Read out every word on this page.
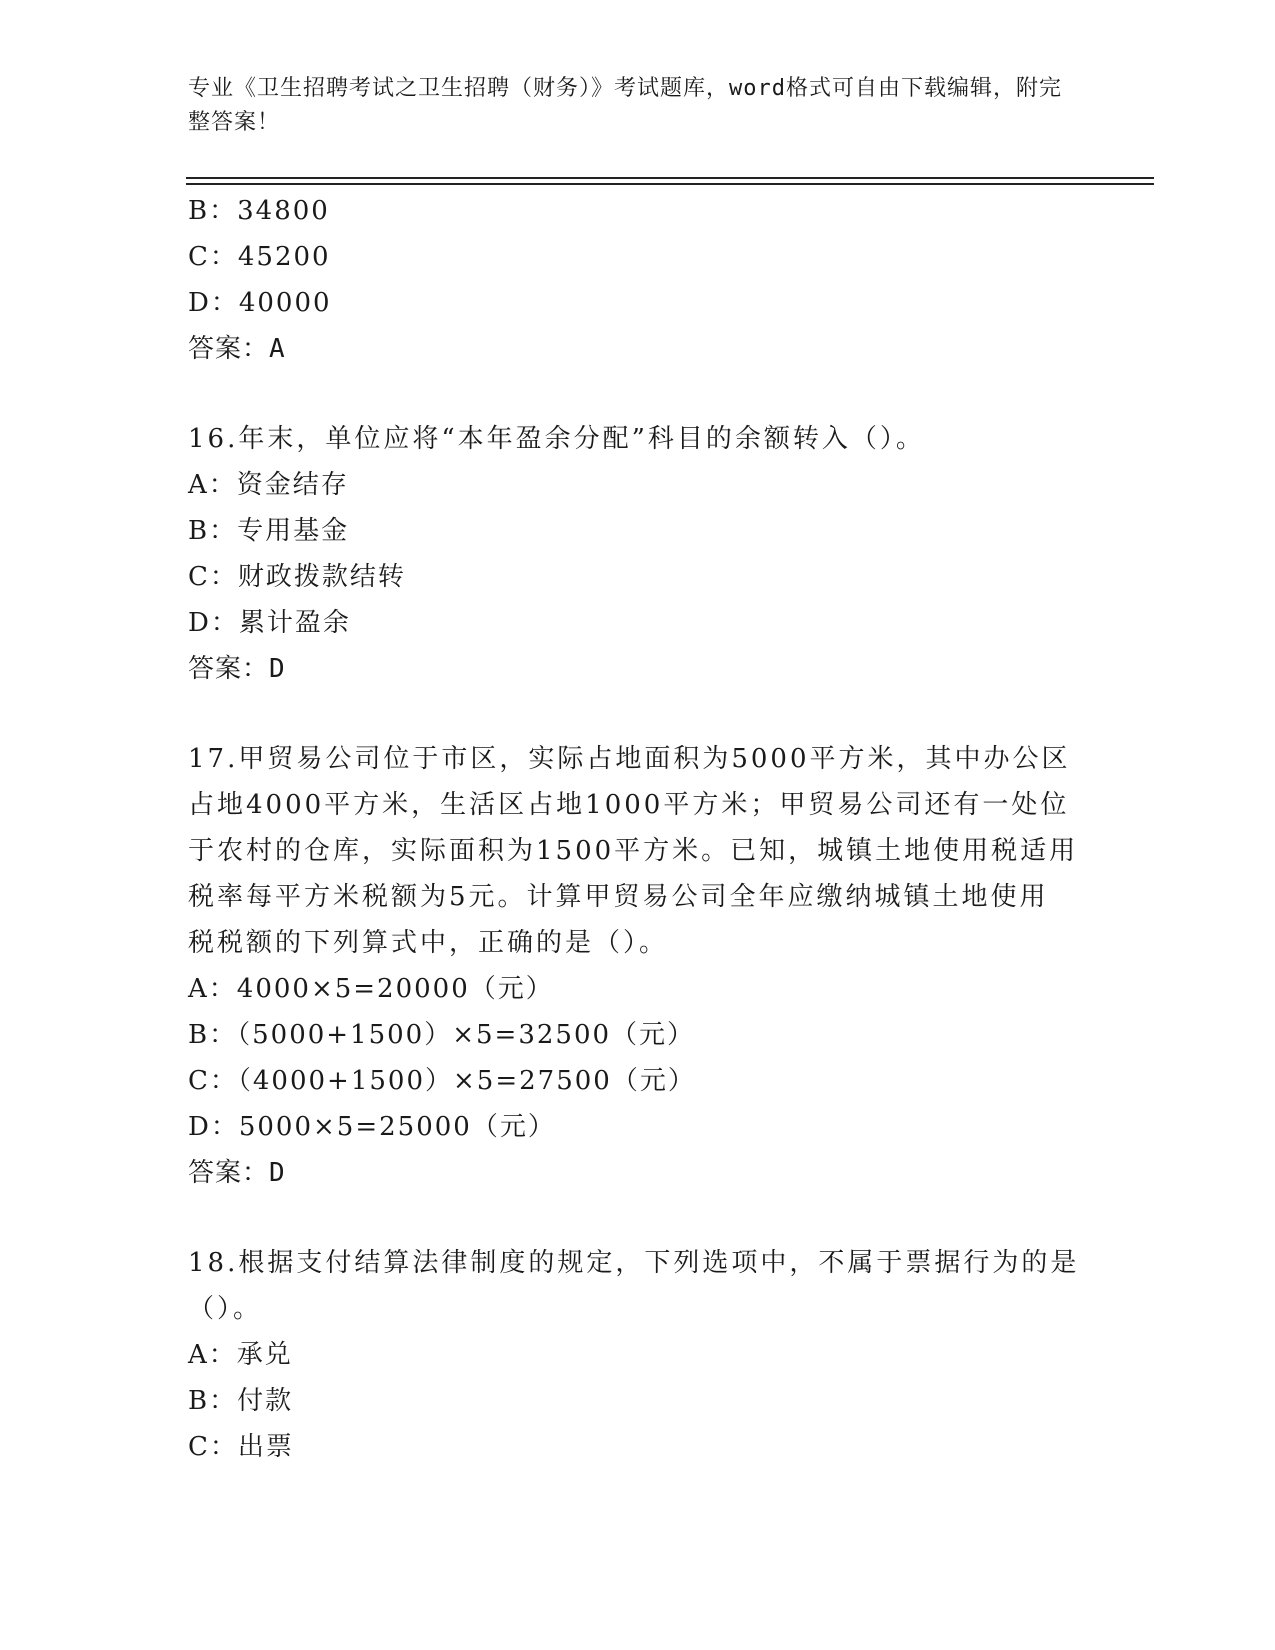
专业《卫生招聘考试之卫生招聘（财务）》考试题库，word格式可自由下载编辑，附完整答案！
B：34800
C：45200
D：40000
答案：A
16.年末，单位应将“本年盈余分配”科目的余额转入（）。
A：资金结存
B：专用基金
C：财政拨款结转
D：累计盈余
答案：D
17.甲贸易公司位于市区，实际占地面积为5000平方米，其中办公区
占地4000平方米，生活区占地1000平方米；甲贸易公司还有一处位
于农村的仓库，实际面积为1500平方米。已知，城镇土地使用税适用
税率每平方米税额为5元。计算甲贸易公司全年应缴纳城镇土地使用
税税额的下列算式中，正确的是（）。
A：4000×5=20000（元）
B：（5000+1500）×5=32500（元）
C：（4000+1500）×5=27500（元）
D：5000×5=25000（元）
答案：D
18.根据支付结算法律制度的规定，下列选项中，不属于票据行为的是
（）。
A：承兑
B：付款
C：出票
